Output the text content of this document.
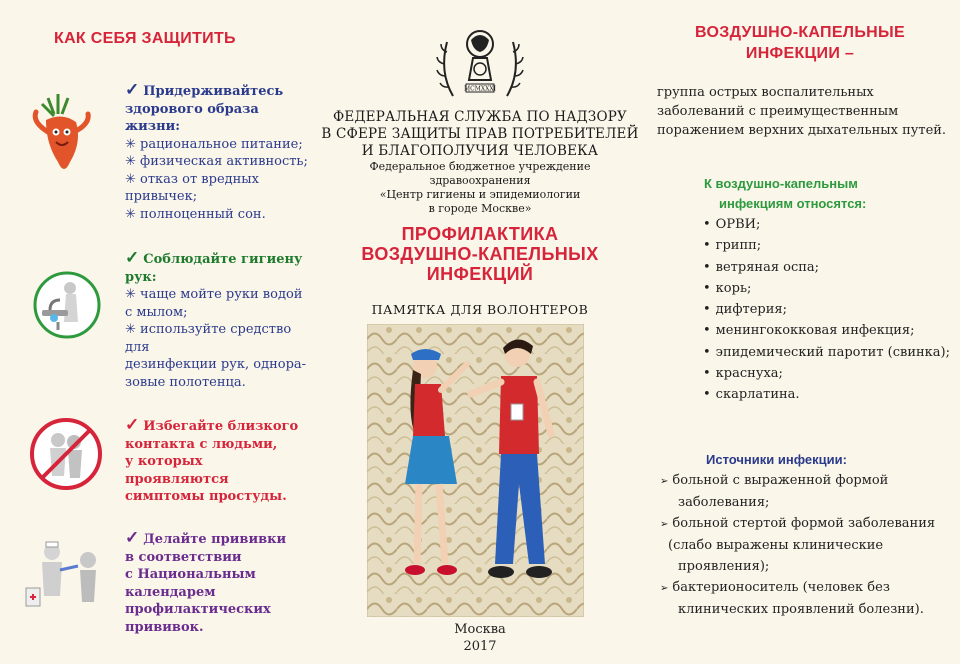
КАК СЕБЯ ЗАЩИТИТЬ
✓ Придерживайтесь
здорового образа жизни:
✳ рациональное питание;
✳ физическая активность;
✳ отказ от вредных
привычек;
✳ полноценный сон.
✓ Соблюдайте гигиену
рук:
✳ чаще мойте руки водой
с мылом;
✳ используйте средство для
дезинфекции рук, однора-
зовые полотенца.
✓ Избегайте близкого
контакта с людьми,
у которых проявляются
симптомы простуды.
✓ Делайте прививки
в соответствии
с Национальным
календарем
профилактических
прививок.
MCMXXXI
ФЕДЕРАЛЬНАЯ СЛУЖБА ПО НАДЗОРУ
В СФЕРЕ ЗАЩИТЫ ПРАВ ПОТРЕБИТЕЛЕЙ
И БЛАГОПОЛУЧИЯ ЧЕЛОВЕКА
Федеральное бюджетное учреждение здравоохранения
«Центр гигиены и эпидемиологии
в городе Москве»
ПРОФИЛАКТИКА
ВОЗДУШНО-КАПЕЛЬНЫХ
ИНФЕКЦИЙ
ПАМЯТКА ДЛЯ ВОЛОНТЕРОВ
Москва
2017
ВОЗДУШНО-КАПЕЛЬНЫЕ
ИНФЕКЦИИ –
группа острых воспалительных заболеваний с преимущественным поражением верхних дыхательных путей.
К воздушно-капельным
инфекциям относятся:
• ОРВИ;
• грипп;
• ветряная оспа;
• корь;
• дифтерия;
• менингококковая инфекция;
• эпидемический паротит (свинка);
• краснуха;
• скарлатина.
Источники инфекции:
➢ больной с выраженной формой
заболевания;
➢ больной стертой формой заболевания
(слабо выражены клинические
проявления);
➢ бактерионоситель (человек без
клинических проявлений болезни).
